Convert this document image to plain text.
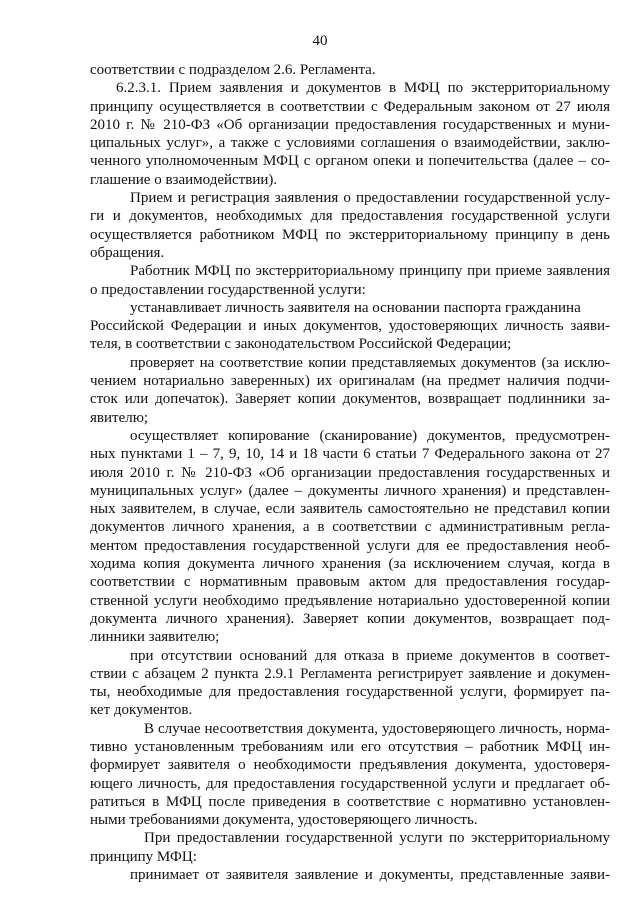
40
соответствии с подразделом 2.6. Регламента.
6.2.3.1. Прием заявления и документов в МФЦ по экстерриториальному
принципу осуществляется в соответствии с Федеральным законом от 27 июля
2010 г. № 210-ФЗ «Об организации предоставления государственных и муни-
ципальных услуг», а также с условиями соглашения о взаимодействии, заклю-
ченного уполномоченным МФЦ с органом опеки и попечительства (далее – со-
глашение о взаимодействии).
Прием и регистрация заявления о предоставлении государственной услу-
ги и документов, необходимых для предоставления государственной услуги
осуществляется работником МФЦ по экстерриториальному принципу в день
обращения.
Работник МФЦ по экстерриториальному принципу при приеме заявления
о предоставлении государственной услуги:
устанавливает личность заявителя на основании паспорта гражданина
Российской Федерации и иных документов, удостоверяющих личность заяви-
теля, в соответствии с законодательством Российской Федерации;
проверяет на соответствие копии представляемых документов (за исклю-
чением нотариально заверенных) их оригиналам (на предмет наличия подчи-
сток или допечаток). Заверяет копии документов, возвращает подлинники за-
явителю;
осуществляет копирование (сканирование) документов, предусмотрен-
ных пунктами 1 – 7, 9, 10, 14 и 18 части 6 статьи 7 Федерального закона от 27
июля 2010 г. № 210-ФЗ «Об организации предоставления государственных и
муниципальных услуг» (далее – документы личного хранения) и представлен-
ных заявителем, в случае, если заявитель самостоятельно не представил копии
документов личного хранения, а в соответствии с административным регла-
ментом предоставления государственной услуги для ее предоставления необ-
ходима копия документа личного хранения (за исключением случая, когда в
соответствии с нормативным правовым актом для предоставления государ-
ственной услуги необходимо предъявление нотариально удостоверенной копии
документа личного хранения). Заверяет копии документов, возвращает под-
линники заявителю;
при отсутствии оснований для отказа в приеме документов в соответ-
ствии с абзацем 2 пункта 2.9.1 Регламента регистрирует заявление и докумен-
ты, необходимые для предоставления государственной услуги, формирует па-
кет документов.
В случае несоответствия документа, удостоверяющего личность, норма-
тивно установленным требованиям или его отсутствия – работник МФЦ ин-
формирует заявителя о необходимости предъявления документа, удостоверя-
ющего личность, для предоставления государственной услуги и предлагает об-
ратиться в МФЦ после приведения в соответствие с нормативно установлен-
ными требованиями документа, удостоверяющего личность.
При предоставлении государственной услуги по экстерриториальному
принципу МФЦ:
принимает от заявителя заявление и документы, представленные заяви-
